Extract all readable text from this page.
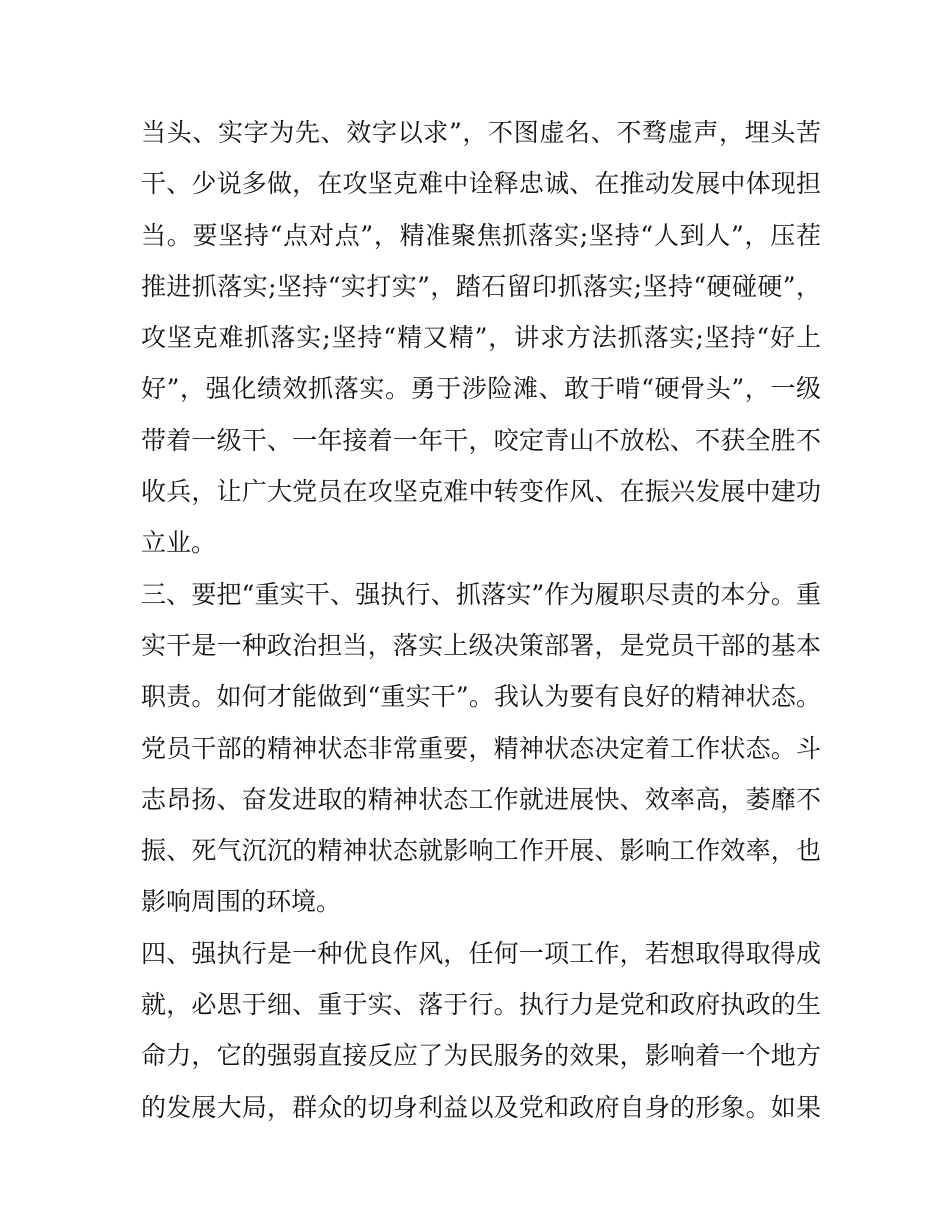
当头、实字为先、效字以求”，不图虚名、不骛虚声，埋头苦
干、少说多做，在攻坚克难中诠释忠诚、在推动发展中体现担
当。要坚持“点对点”，精准聚焦抓落实;坚持“人到人”，压茬
推进抓落实;坚持“实打实”，踏石留印抓落实;坚持“硬碰硬”，
攻坚克难抓落实;坚持“精又精”，讲求方法抓落实;坚持“好上
好”，强化绩效抓落实。勇于涉险滩、敢于啃“硬骨头”，一级
带着一级干、一年接着一年干，咬定青山不放松、不获全胜不
收兵，让广大党员在攻坚克难中转变作风、在振兴发展中建功
立业。
三、要把“重实干、强执行、抓落实”作为履职尽责的本分。重
实干是一种政治担当，落实上级决策部署，是党员干部的基本
职责。如何才能做到“重实干”。我认为要有良好的精神状态。
党员干部的精神状态非常重要，精神状态决定着工作状态。斗
志昂扬、奋发进取的精神状态工作就进展快、效率高，萎靡不
振、死气沉沉的精神状态就影响工作开展、影响工作效率，也
影响周围的环境。
四、强执行是一种优良作风，任何一项工作，若想取得取得成
就，必思于细、重于实、落于行。执行力是党和政府执政的生
命力，它的强弱直接反应了为民服务的效果，影响着一个地方
的发展大局，群众的切身利益以及党和政府自身的形象。如果
